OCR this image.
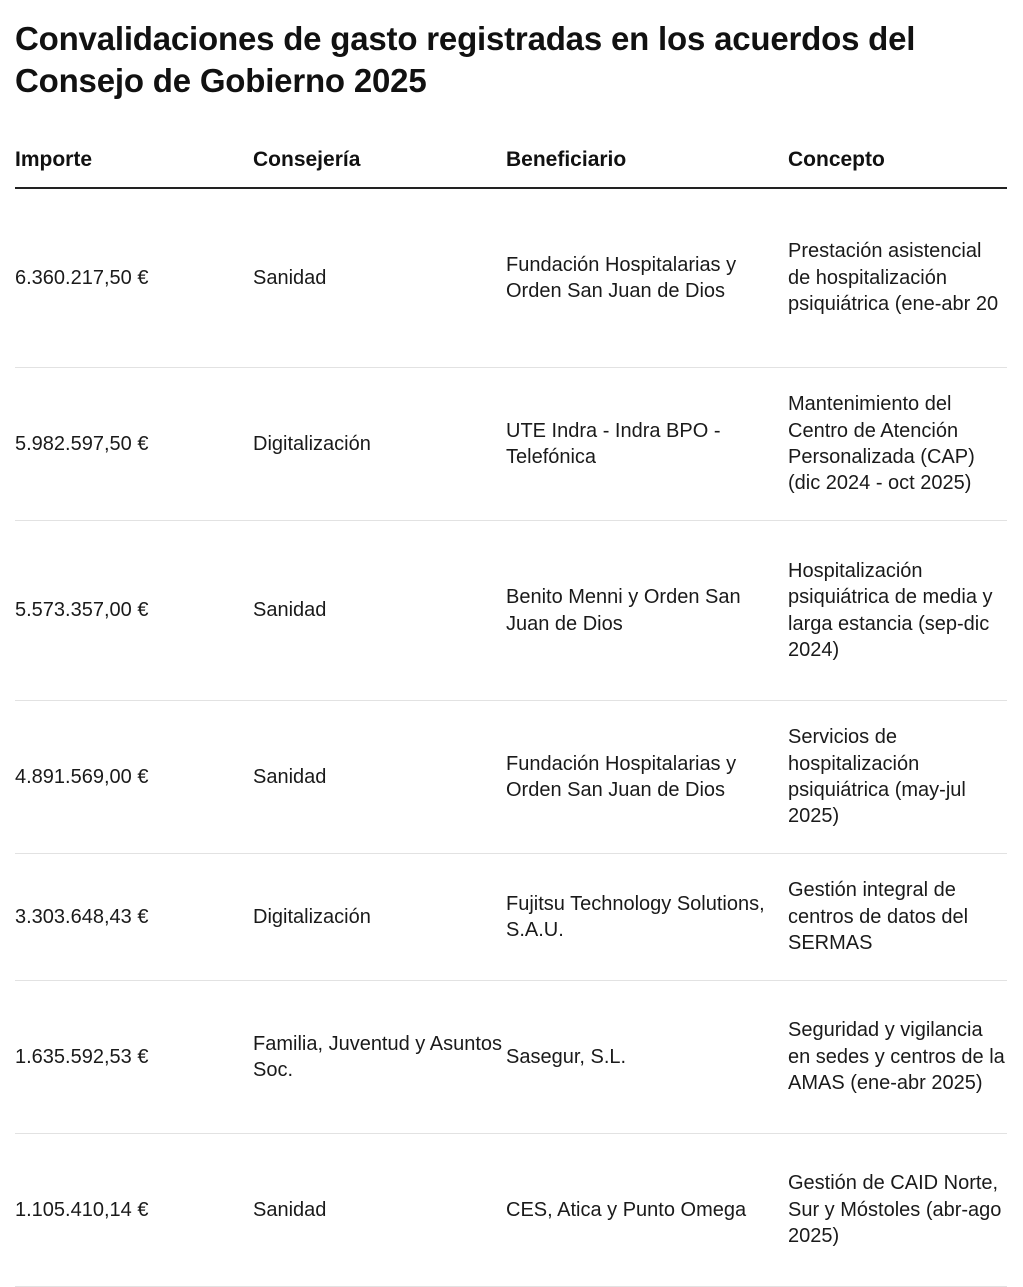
Convalidaciones de gasto registradas en los acuerdos del Consejo de Gobierno 2025
Importe	Consejería	Beneficiario	Concepto
6.360.217,50 €	Sanidad	Fundación Hospitalarias y Orden San Juan de Dios	Prestación asistencial de hospitalización psiquiátrica (ene-abr 20
5.982.597,50 €	Digitalización	UTE Indra - Indra BPO - Telefónica	Mantenimiento del Centro de Atención Personalizada (CAP) (dic 2024 - oct 2025)
5.573.357,00 €	Sanidad	Benito Menni y Orden San Juan de Dios	Hospitalización psiquiátrica de media y larga estancia (sep-dic 2024)
4.891.569,00 €	Sanidad	Fundación Hospitalarias y Orden San Juan de Dios	Servicios de hospitalización psiquiátrica (may-jul 2025)
3.303.648,43 €	Digitalización	Fujitsu Technology Solutions, S.A.U.	Gestión integral de centros de datos del SERMAS
1.635.592,53 €	Familia, Juventud y Asuntos Soc.	Sasegur, S.L.	Seguridad y vigilancia en sedes y centros de la AMAS (ene-abr 2025)
1.105.410,14 €	Sanidad	CES, Atica y Punto Omega	Gestión de CAID Norte, Sur y Móstoles (abr-ago 2025)
